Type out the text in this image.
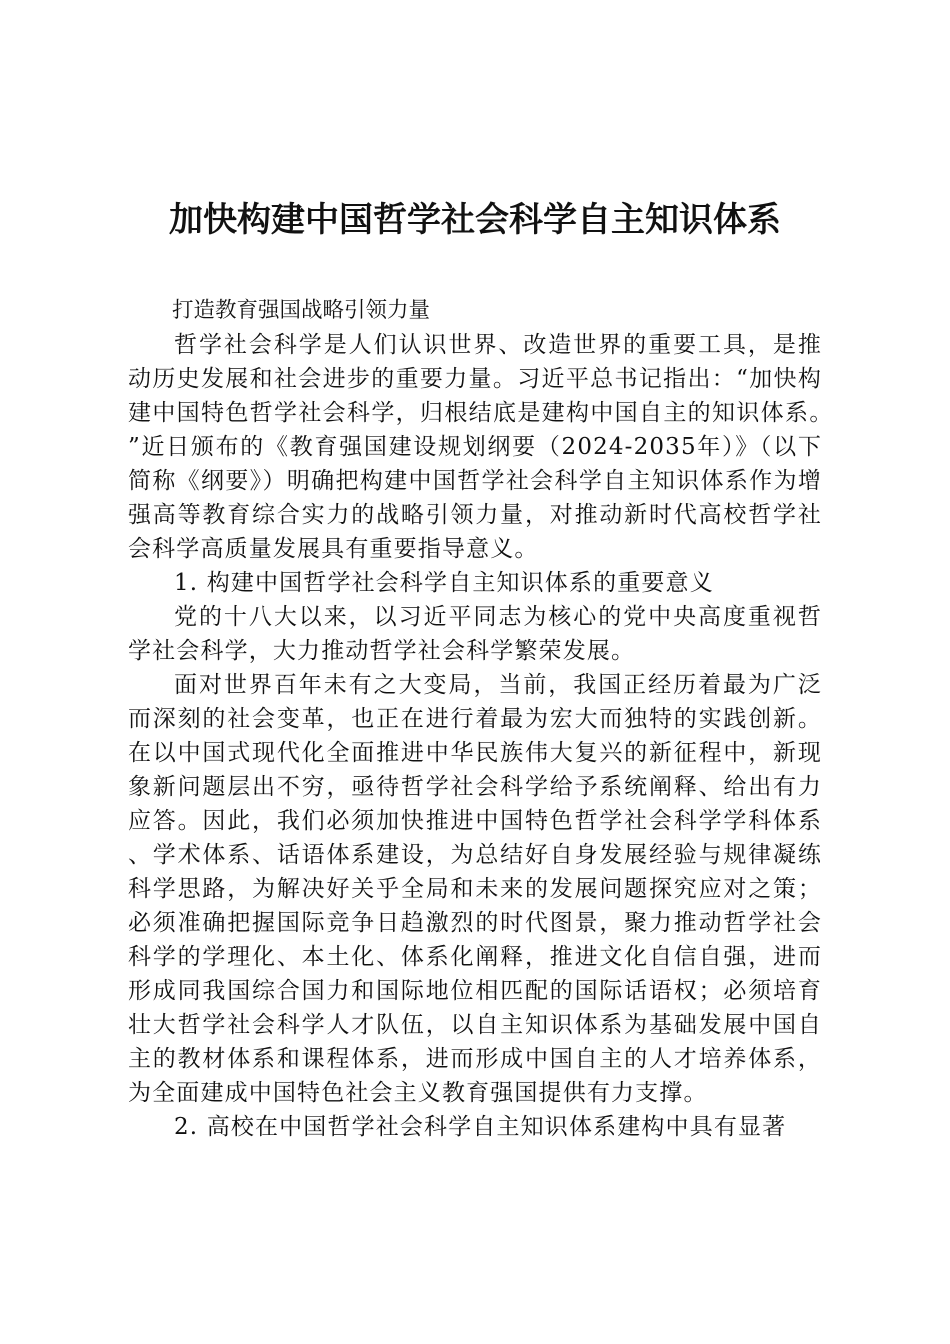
加快构建中国哲学社会科学自主知识体系
打造教育强国战略引领力量

哲学社会科学是人们认识世界、改造世界的重要工具，是推动历史发展和社会进步的重要力量。习近平总书记指出：“加快构建中国特色哲学社会科学，归根结底是建构中国自主的知识体系。”近日颁布的《教育强国建设规划纲要（2024-2035年）》（以下简称《纲要》）明确把构建中国哲学社会科学自主知识体系作为增强高等教育综合实力的战略引领力量，对推动新时代高校哲学社会科学高质量发展具有重要指导意义。

1. 构建中国哲学社会科学自主知识体系的重要意义

党的十八大以来，以习近平同志为核心的党中央高度重视哲学社会科学，大力推动哲学社会科学繁荣发展。

面对世界百年未有之大变局，当前，我国正经历着最为广泛而深刻的社会变革，也正在进行着最为宏大而独特的实践创新。在以中国式现代化全面推进中华民族伟大复兴的新征程中，新现象新问题层出不穷，亟待哲学社会科学给予系统阐释、给出有力应答。因此，我们必须加快推进中国特色哲学社会科学学科体系、学术体系、话语体系建设，为总结好自身发展经验与规律凝练科学思路，为解决好关乎全局和未来的发展问题探究应对之策；必须准确把握国际竞争日趋激烈的时代图景，聚力推动哲学社会科学的学理化、本土化、体系化阐释，推进文化自信自强，进而形成同我国综合国力和国际地位相匹配的国际话语权；必须培育壮大哲学社会科学人才队伍，以自主知识体系为基础发展中国自主的教材体系和课程体系，进而形成中国自主的人才培养体系，为全面建成中国特色社会主义教育强国提供有力支撑。

2. 高校在中国哲学社会科学自主知识体系建构中具有显著
